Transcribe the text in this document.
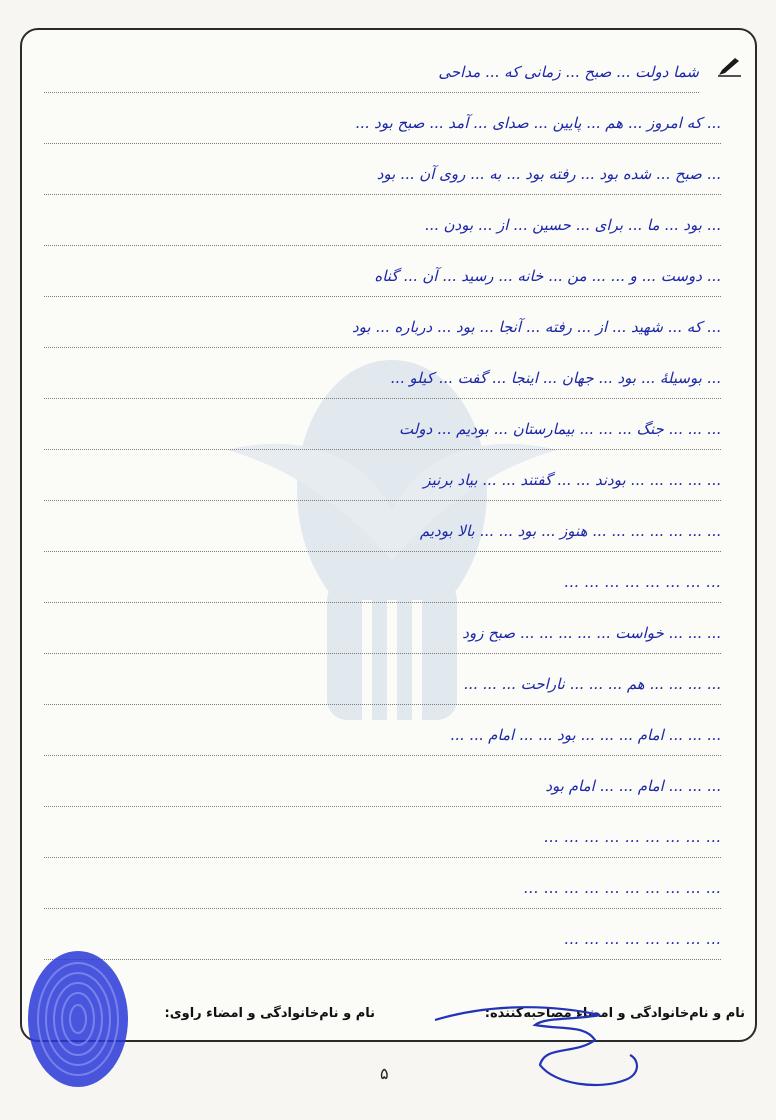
شما دولت ... صبح ... زمانی که ... مداحی
... که امروز ... هم ... پایین ... صدای ... آمد ... صبح بود ...
... صبح ... شده بود ... رفته بود ... به ... روی آن ... بود
... بود ... ما ... برای ... حسین ... از ... بودن ...
... دوست ... و ... ... من ... خانه ... رسید ... آن ... گناه
... که ... شهید ... از ... رفته ... آنجا ... بود ... درباره ... بود
... بوسیلهٔ ... بود ... جهان ... اینجا ... گفت ... کیلو ...
... ... ... جنگ ... ... ... بیمارستان ... بودیم ... دولت
... ... ... ... ... بودند ... ... گفتند ... ... بیاد برنیز
... ... ... ... ... ... ... هنوز ... بود ... ... بالا بودیم
... ... ... ... ... ... ... ...
... ... ... خواست ... ... ... ... ... صبح زود
... ... ... ... هم ... ... ... ناراحت ... ... ...
... ... ... امام ... ... ... بود ... ... امام ... ...
... ... ... امام ... ... امام بود
... ... ... ... ... ... ... ... ...
... ... ... ... ... ... ... ... ... ...
... ... ... ... ... ... ... ...
نام و نام‌خانوادگی و امضاء مصاحبه‌کننده:
نام و نام‌خانوادگی و امضاء راوی:
۵
